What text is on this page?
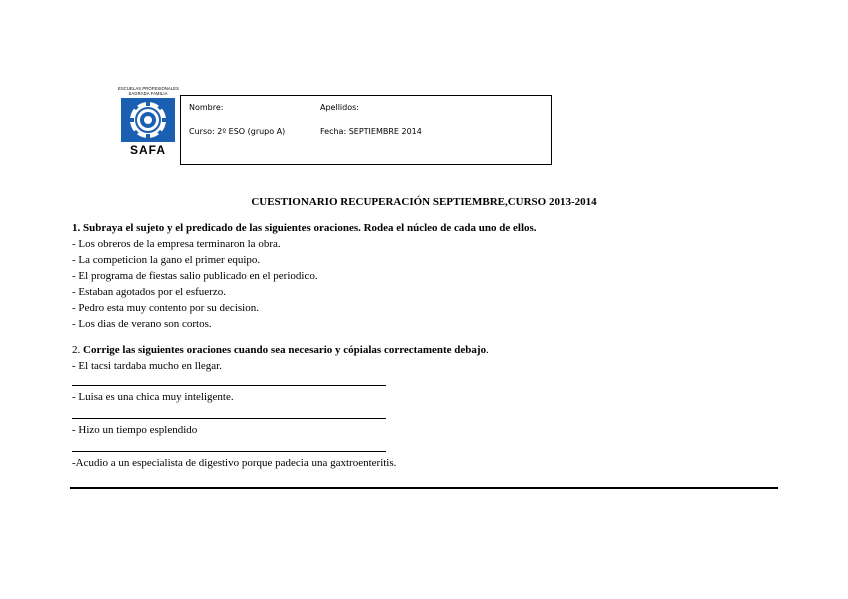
ESCUELAS PROFESIONALES
SAGRADA FAMILIA
SAFA
Nombre:	Apellidos:
Curso: 2º ESO (grupo A)	Fecha: SEPTIEMBRE 2014
CUESTIONARIO RECUPERACIÓN SEPTIEMBRE,CURSO 2013-2014
1. Subraya el sujeto y el predicado de las siguientes oraciones. Rodea el núcleo de cada uno de ellos.
- Los obreros de la empresa terminaron la obra.
- La competicion la gano el primer equipo.
- El programa de fiestas salio publicado en el periodico.
- Estaban agotados por el esfuerzo.
- Pedro esta muy contento por su decision.
- Los dias de verano son cortos.
2. Corrige las siguientes oraciones cuando sea necesario y cópialas correctamente debajo.
- El tacsi tardaba mucho en llegar.
- Luisa es una chica muy inteligente.
- Hizo un tiempo esplendido
-Acudio a un especialista de digestivo porque padecia una gaxtroenteritis.
